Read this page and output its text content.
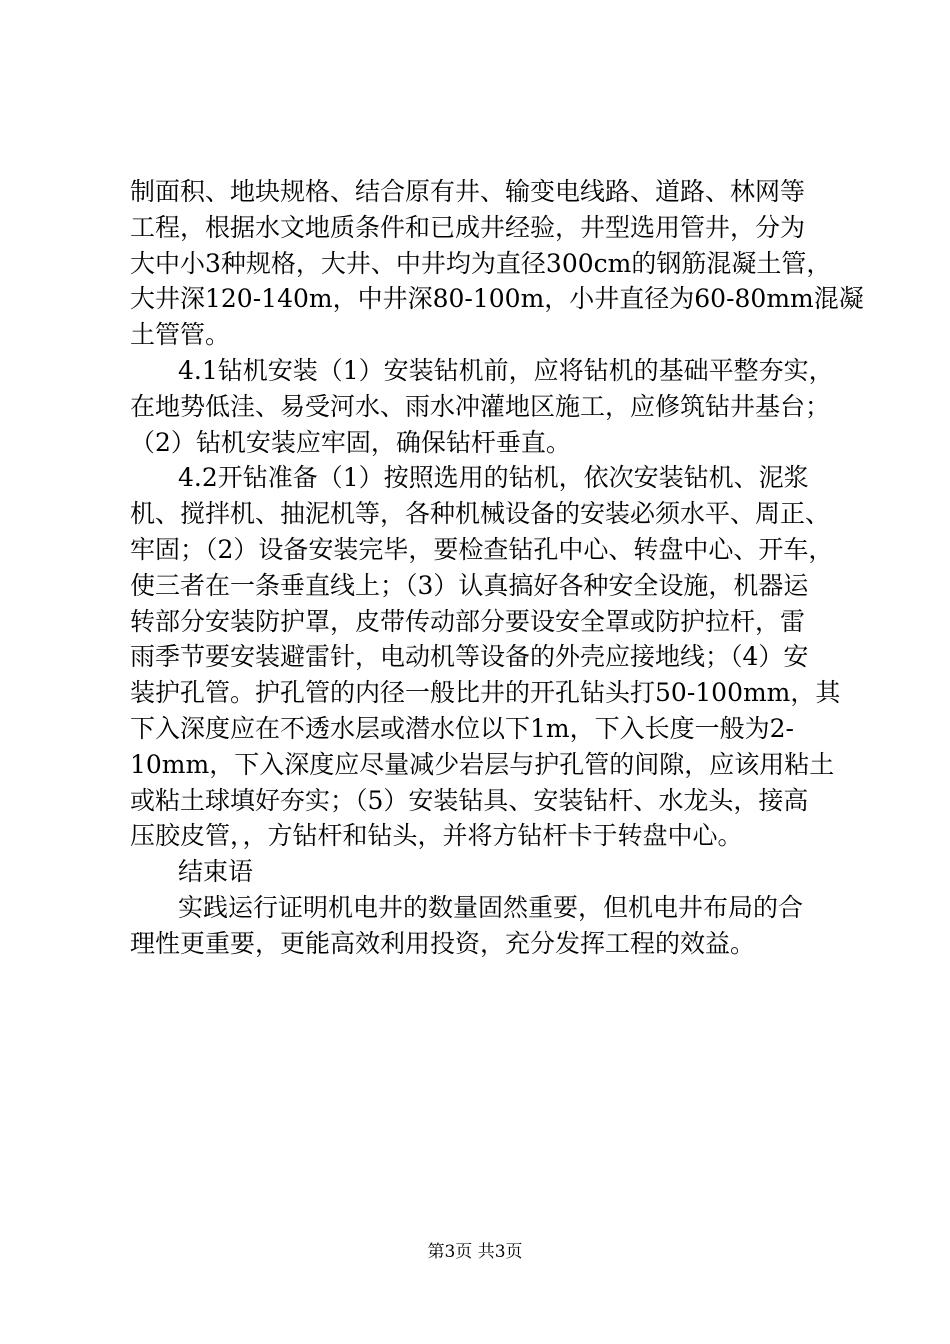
制面积、地块规格、结合原有井、输变电线路、道路、林网等
工程，根据水文地质条件和已成井经验，井型选用管井，分为
大中小3种规格，大井、中井均为直径300cm的钢筋混凝土管，
大井深120-140m，中井深80-100m，小井直径为60-80mm混凝
土管管。
4.1钻机安装（1）安装钻机前，应将钻机的基础平整夯实，
在地势低洼、易受河水、雨水冲灌地区施工，应修筑钻井基台；
（2）钻机安装应牢固，确保钻杆垂直。
4.2开钻准备（1）按照选用的钻机，依次安装钻机、泥浆
机、搅拌机、抽泥机等，各种机械设备的安装必须水平、周正、
牢固；（2）设备安装完毕，要检查钻孔中心、转盘中心、开车，
使三者在一条垂直线上；（3）认真搞好各种安全设施，机器运
转部分安装防护罩，皮带传动部分要设安全罩或防护拉杆，雷
雨季节要安装避雷针，电动机等设备的外壳应接地线；（4）安
装护孔管。护孔管的内径一般比井的开孔钻头打50-100mm，其
下入深度应在不透水层或潜水位以下1m，下入长度一般为2-
10mm，下入深度应尽量减少岩层与护孔管的间隙，应该用粘土
或粘土球填好夯实；（5）安装钻具、安装钻杆、水龙头，接高
压胶皮管，，方钻杆和钻头，并将方钻杆卡于转盘中心。
结束语
实践运行证明机电井的数量固然重要，但机电井布局的合
理性更重要，更能高效利用投资，充分发挥工程的效益。
第3页 共3页
